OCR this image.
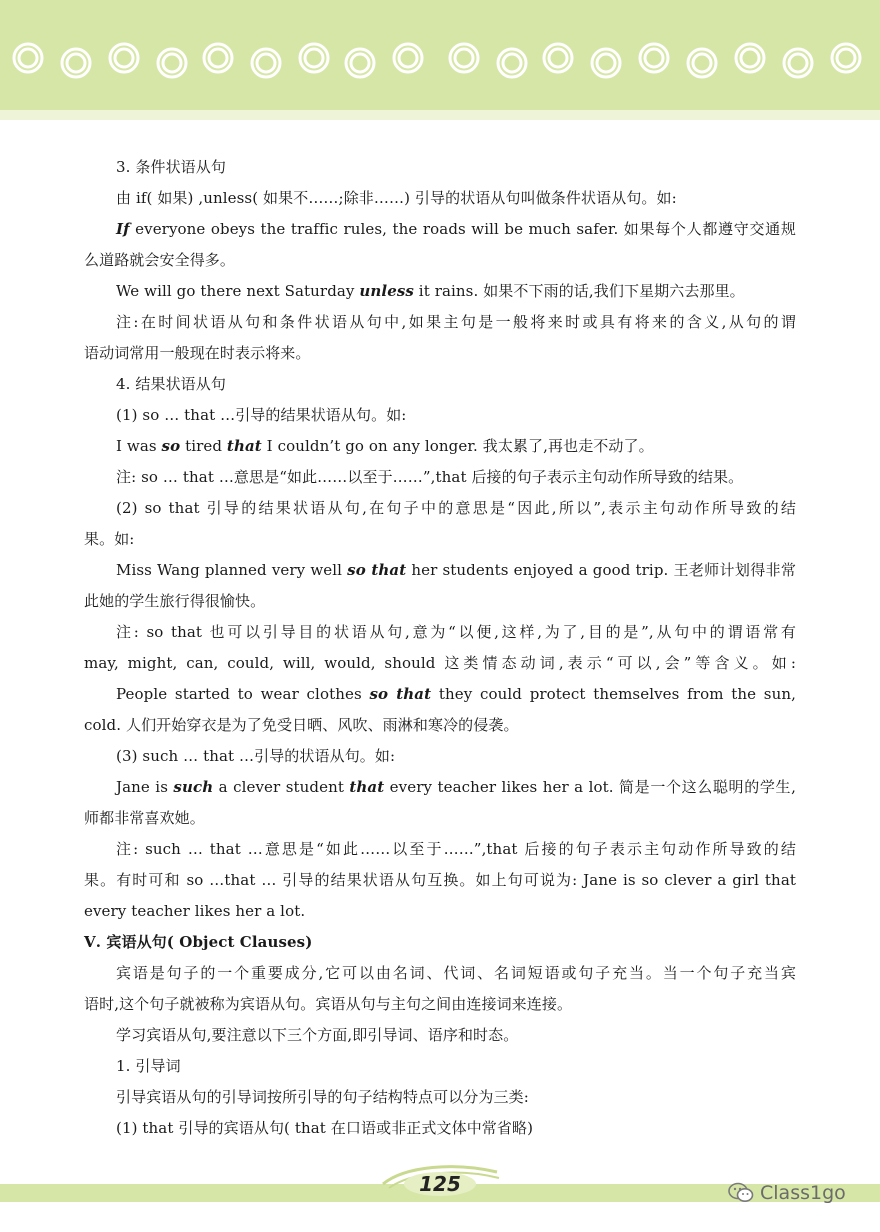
3. 条件状语从句
由 if( 如果) ,unless( 如果不……;除非……) 引导的状语从句叫做条件状语从句。如:
If everyone obeys the traffic rules, the roads will be much safer. 如果每个人都遵守交通规
么道路就会安全得多。
We will go there next Saturday unless it rains. 如果不下雨的话,我们下星期六去那里。
注:在时间状语从句和条件状语从句中,如果主句是一般将来时或具有将来的含义,从句的谓
语动词常用一般现在时表示将来。
4. 结果状语从句
(1) so … that …引导的结果状语从句。如:
I was so tired that I couldn’t go on any longer. 我太累了,再也走不动了。
注: so … that …意思是“如此……以至于……”,that 后接的句子表示主句动作所导致的结果。
(2) so that 引导的结果状语从句,在句子中的意思是“因此,所以”,表示主句动作所导致的结
果。如:
Miss Wang planned very well so that her students enjoyed a good trip. 王老师计划得非常
此她的学生旅行得很愉快。
注: so that 也可以引导目的状语从句,意为“以便,这样,为了,目的是”,从句中的谓语常有
may, might, can, could, will, would, should 这类情态动词,表示“可以,会”等含义。如:
People started to wear clothes so that they could protect themselves from the sun,
cold. 人们开始穿衣是为了免受日晒、风吹、雨淋和寒冷的侵袭。
(3) such … that …引导的状语从句。如:
Jane is such a clever student that every teacher likes her a lot. 简是一个这么聪明的学生,
师都非常喜欢她。
注: such … that …意思是“如此……以至于……”,that 后接的句子表示主句动作所导致的结
果。有时可和 so …that … 引导的结果状语从句互换。如上句可说为: Jane is so clever a girl that
every teacher likes her a lot.
Ⅴ. 宾语从句( Object Clauses)
宾语是句子的一个重要成分,它可以由名词、代词、名词短语或句子充当。当一个句子充当宾
语时,这个句子就被称为宾语从句。宾语从句与主句之间由连接词来连接。
学习宾语从句,要注意以下三个方面,即引导词、语序和时态。
1. 引导词
引导宾语从句的引导词按所引导的句子结构特点可以分为三类:
(1) that 引导的宾语从句( that 在口语或非正式文体中常省略)
125	Class1go
